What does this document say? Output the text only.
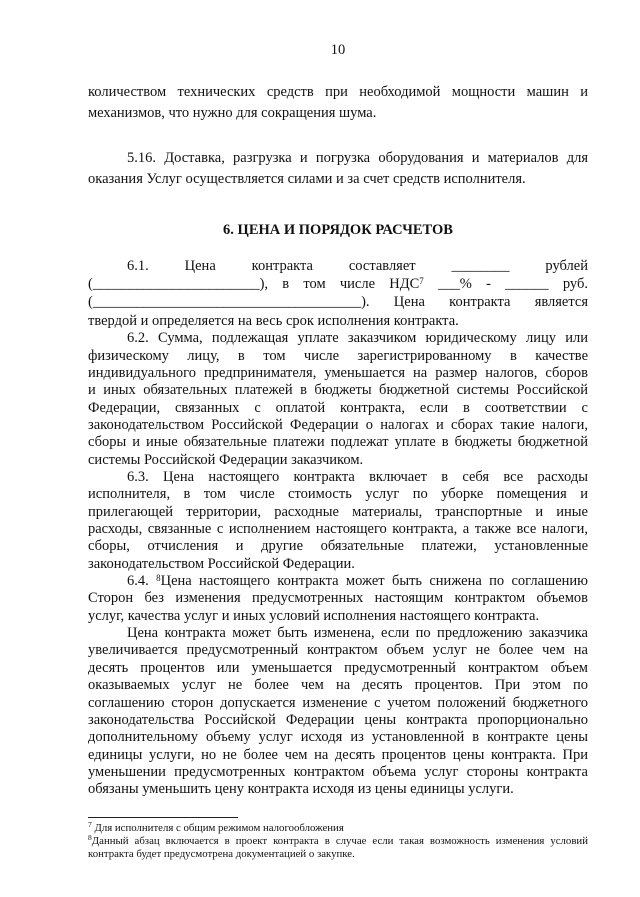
10
количеством технических средств при необходимой мощности машин и
механизмов, что нужно для сокращения шума.
5.16. Доставка, разгрузка и погрузка оборудования и материалов для
оказания Услуг осуществляется силами и за счет средств исполнителя.
6. ЦЕНА И ПОРЯДОК РАСЧЕТОВ
6.1. Цена контракта составляет ________ рублей
(_______________________), в том числе НДС$^7$ ___% - ______ руб.
(_____________________________________). Цена контракта является
твердой и определяется на весь срок исполнения контракта.
6.2. Сумма, подлежащая уплате заказчиком юридическому лицу или
физическому лицу, в том числе зарегистрированному в качестве
индивидуального предпринимателя, уменьшается на размер налогов, сборов
и иных обязательных платежей в бюджеты бюджетной системы Российской
Федерации, связанных с оплатой контракта, если в соответствии с
законодательством Российской Федерации о налогах и сборах такие налоги,
сборы и иные обязательные платежи подлежат уплате в бюджеты бюджетной
системы Российской Федерации заказчиком.
6.3. Цена настоящего контракта включает в себя все расходы
исполнителя, в том числе стоимость услуг по уборке помещения и
прилегающей территории, расходные материалы, транспортные и иные
расходы, связанные с исполнением настоящего контракта, а также все налоги,
сборы, отчисления и другие обязательные платежи, установленные
законодательством Российской Федерации.
6.4. $^8$Цена настоящего контракта может быть снижена по соглашению
Сторон без изменения предусмотренных настоящим контрактом объемов
услуг, качества услуг и иных условий исполнения настоящего контракта.
Цена контракта может быть изменена, если по предложению заказчика
увеличивается предусмотренный контрактом объем услуг не более чем на
десять процентов или уменьшается предусмотренный контрактом объем
оказываемых услуг не более чем на десять процентов. При этом по
соглашению сторон допускается изменение с учетом положений бюджетного
законодательства Российской Федерации цены контракта пропорционально
дополнительному объему услуг исходя из установленной в контракте цены
единицы услуги, но не более чем на десять процентов цены контракта. При
уменьшении предусмотренных контрактом объема услуг стороны контракта
обязаны уменьшить цену контракта исходя из цены единицы услуги.
$^7$ Для исполнителя с общим режимом налогообложения
$^8$Данный абзац включается в проект контракта в случае если такая возможность изменения условий
контракта будет предусмотрена документацией о закупке.
